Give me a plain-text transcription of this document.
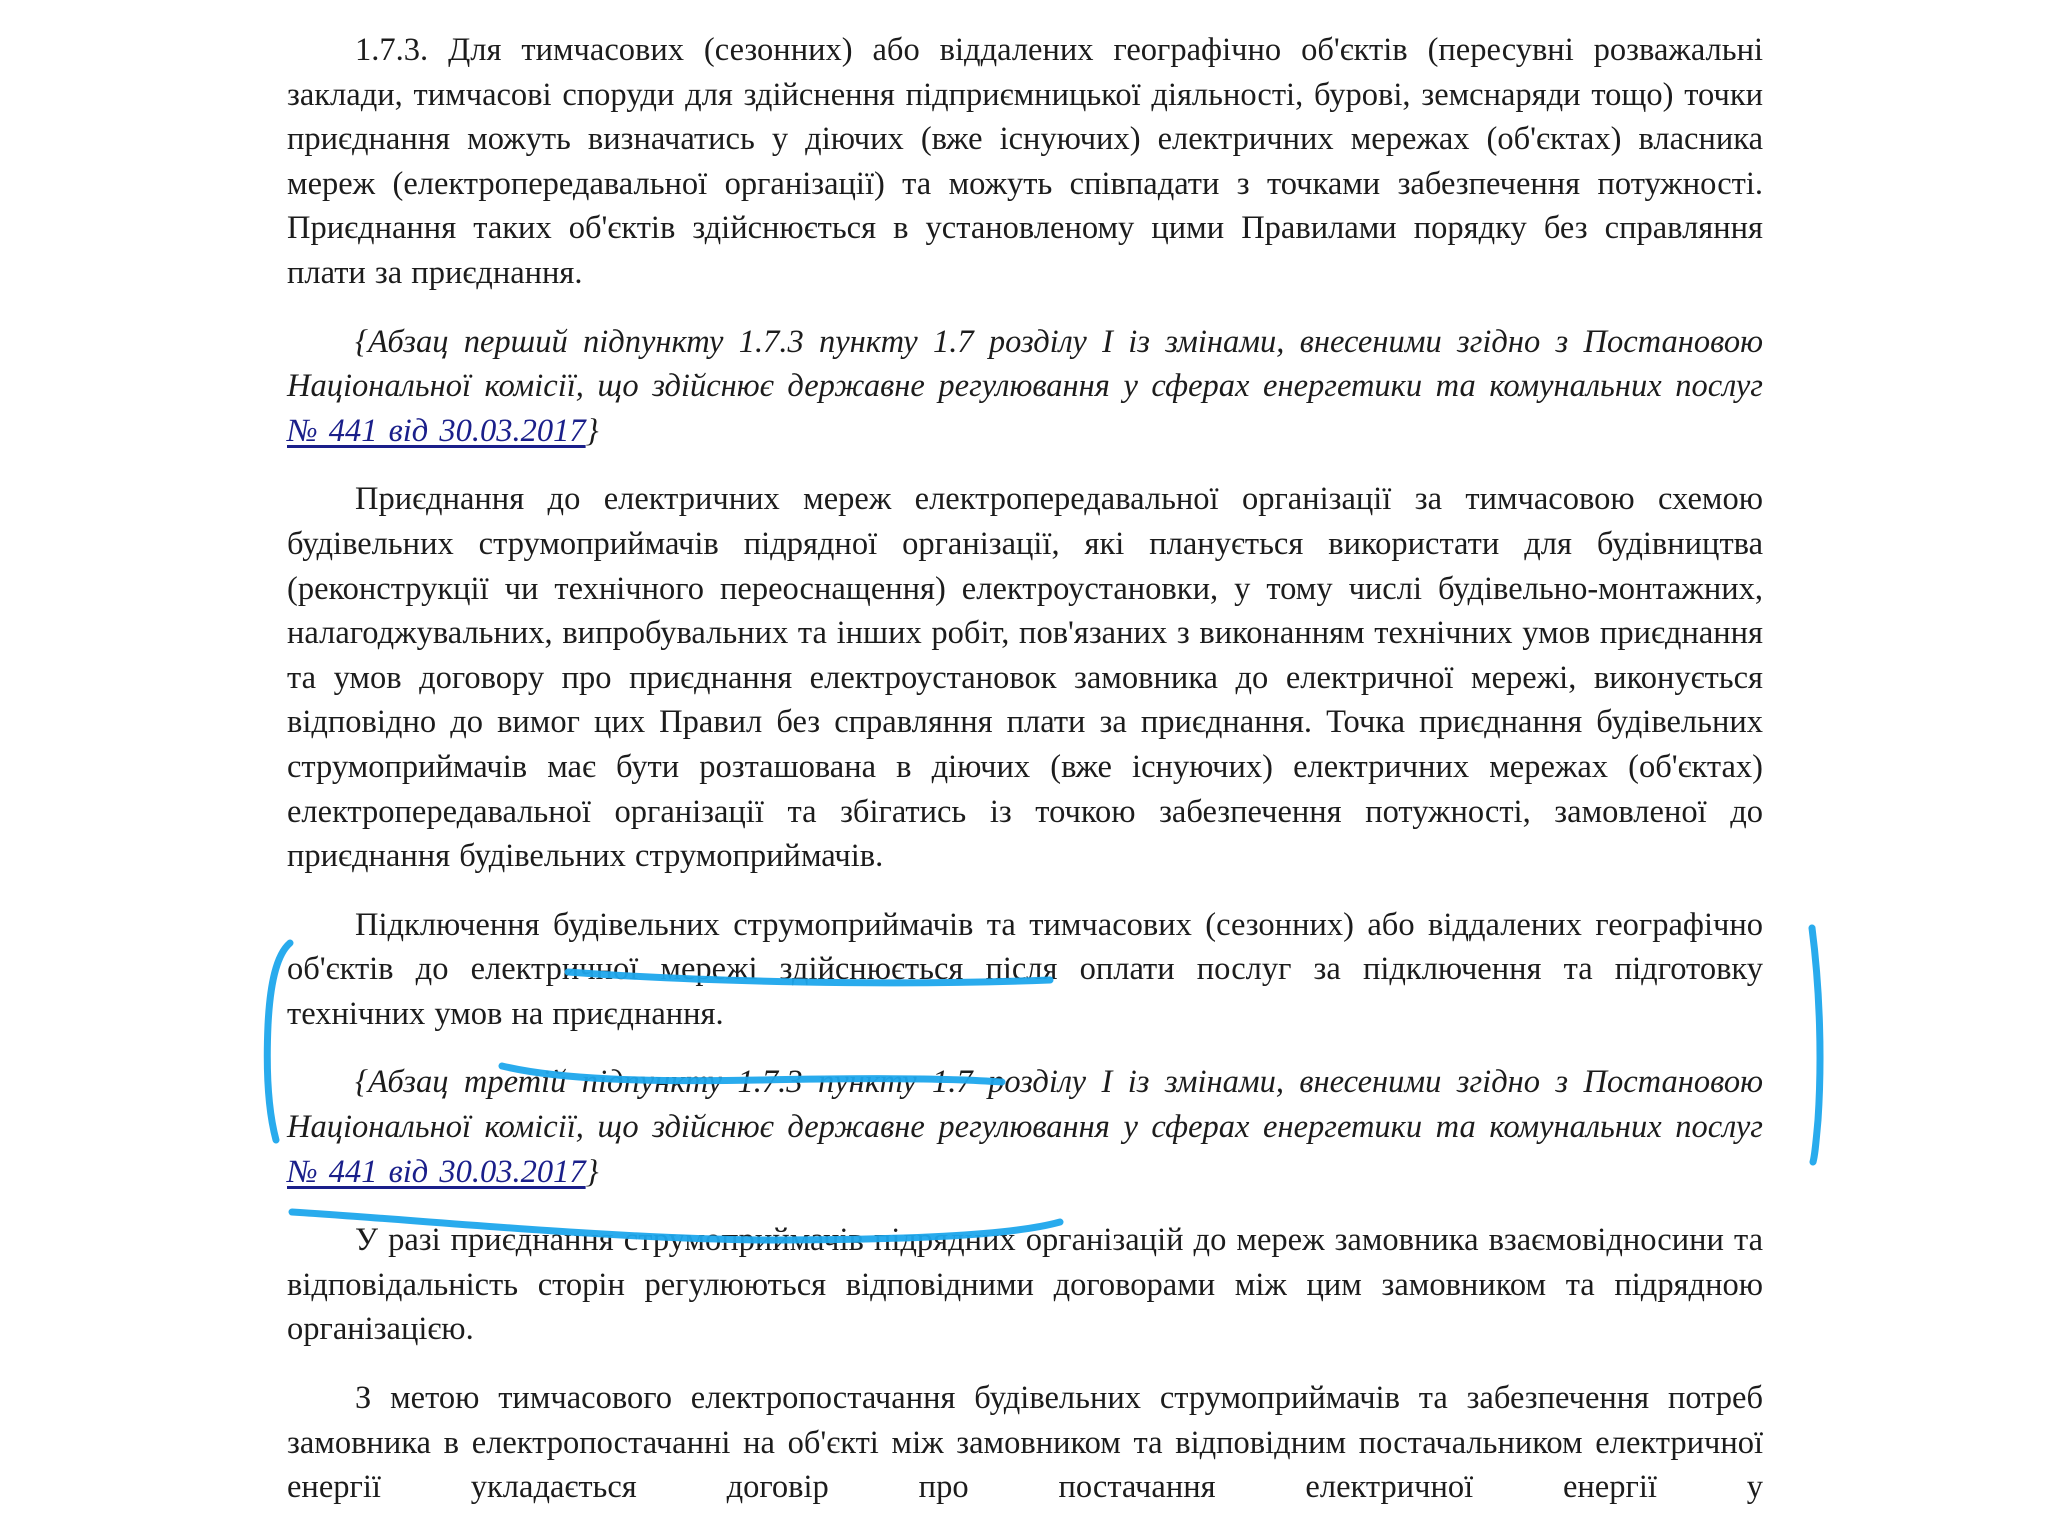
1.7.3. Для тимчасових (сезонних) або віддалених географічно об'єктів (пересувні розважальні заклади, тимчасові споруди для здійснення підприємницької діяльності, бурові, земснаряди тощо) точки приєднання можуть визначатись у діючих (вже існуючих) електричних мережах (об'єктах) власника мереж (електропередавальної організації) та можуть співпадати з точками забезпечення потужності. Приєднання таких об'єктів здійснюється в установленому цими Правилами порядку без справляння плати за приєднання.

{Абзац перший підпункту 1.7.3 пункту 1.7 розділу I із змінами, внесеними згідно з Постановою Національної комісії, що здійснює державне регулювання у сферах енергетики та комунальних послуг № 441 від 30.03.2017}

Приєднання до електричних мереж електропередавальної організації за тимчасовою схемою будівельних струмоприймачів підрядної організації, які планується використати для будівництва (реконструкції чи технічного переоснащення) електроустановки, у тому числі будівельно-монтажних, налагоджувальних, випробувальних та інших робіт, пов'язаних з виконанням технічних умов приєднання та умов договору про приєднання електроустановок замовника до електричної мережі, виконується відповідно до вимог цих Правил без справляння плати за приєднання. Точка приєднання будівельних струмоприймачів має бути розташована в діючих (вже існуючих) електричних мережах (об'єктах) електропередавальної організації та збігатись із точкою забезпечення потужності, замовленої до приєднання будівельних струмоприймачів.

Підключення будівельних струмоприймачів та тимчасових (сезонних) або віддалених географічно об'єктів до електричної мережі здійснюється після оплати послуг за підключення та підготовку технічних умов на приєднання.

{Абзац третій підпункту 1.7.3 пункту 1.7 розділу I із змінами, внесеними згідно з Постановою Національної комісії, що здійснює державне регулювання у сферах енергетики та комунальних послуг № 441 від 30.03.2017}

У разі приєднання струмоприймачів підрядних організацій до мереж замовника взаємовідносини та відповідальність сторін регулюються відповідними договорами між цим замовником та підрядною організацією.

З метою тимчасового електропостачання будівельних струмоприймачів та забезпечення потреб замовника в електропостачанні на об'єкті між замовником та відповідним постачальником електричної енергії укладається договір про постачання електричної енергії у
